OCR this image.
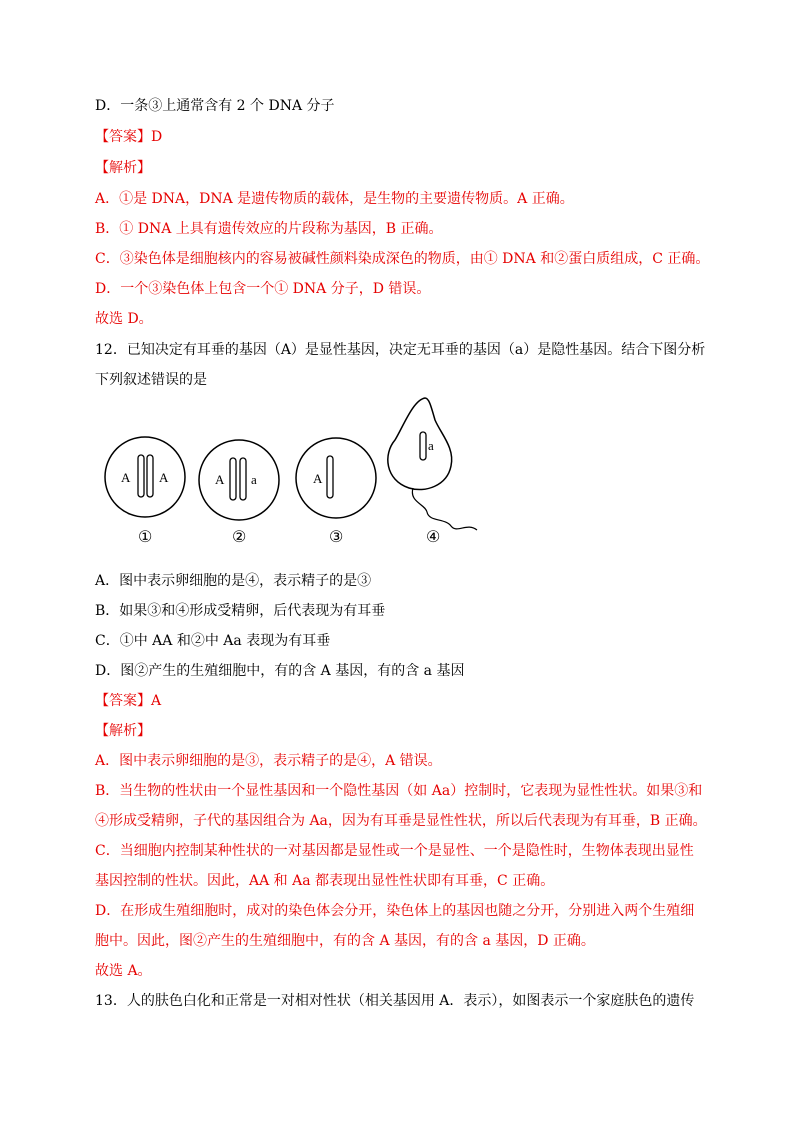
D．一条③上通常含有 2 个 DNA 分子
【答案】D
【解析】
A．①是 DNA，DNA 是遗传物质的载体，是生物的主要遗传物质。A 正确。
B．① DNA 上具有遗传效应的片段称为基因，B 正确。
C．③染色体是细胞核内的容易被碱性颜料染成深色的物质，由① DNA 和②蛋白质组成，C 正确。
D．一个③染色体上包含一个① DNA 分子，D 错误。
故选 D。
12．已知决定有耳垂的基因（A）是显性基因，决定无耳垂的基因（a）是隐性基因。结合下图分析
下列叙述错误的是
A A
①
A a
②
A
③
a
④
A．图中表示卵细胞的是④，表示精子的是③
B．如果③和④形成受精卵，后代表现为有耳垂
C．①中 AA 和②中 Aa 表现为有耳垂
D．图②产生的生殖细胞中，有的含 A 基因，有的含 a 基因
【答案】A
【解析】
A．图中表示卵细胞的是③，表示精子的是④，A 错误。
B．当生物的性状由一个显性基因和一个隐性基因（如 Aa）控制时，它表现为显性性状。如果③和
④形成受精卵，子代的基因组合为 Aa，因为有耳垂是显性性状，所以后代表现为有耳垂，B 正确。
C．当细胞内控制某种性状的一对基因都是显性或一个是显性、一个是隐性时，生物体表现出显性
基因控制的性状。因此，AA 和 Aa 都表现出显性性状即有耳垂，C 正确。
D．在形成生殖细胞时，成对的染色体会分开，染色体上的基因也随之分开，分别进入两个生殖细
胞中。因此，图②产生的生殖细胞中，有的含 A 基因，有的含 a 基因，D 正确。
故选 A。
13．人的肤色白化和正常是一对相对性状（相关基因用 A．表示），如图表示一个家庭肤色的遗传
